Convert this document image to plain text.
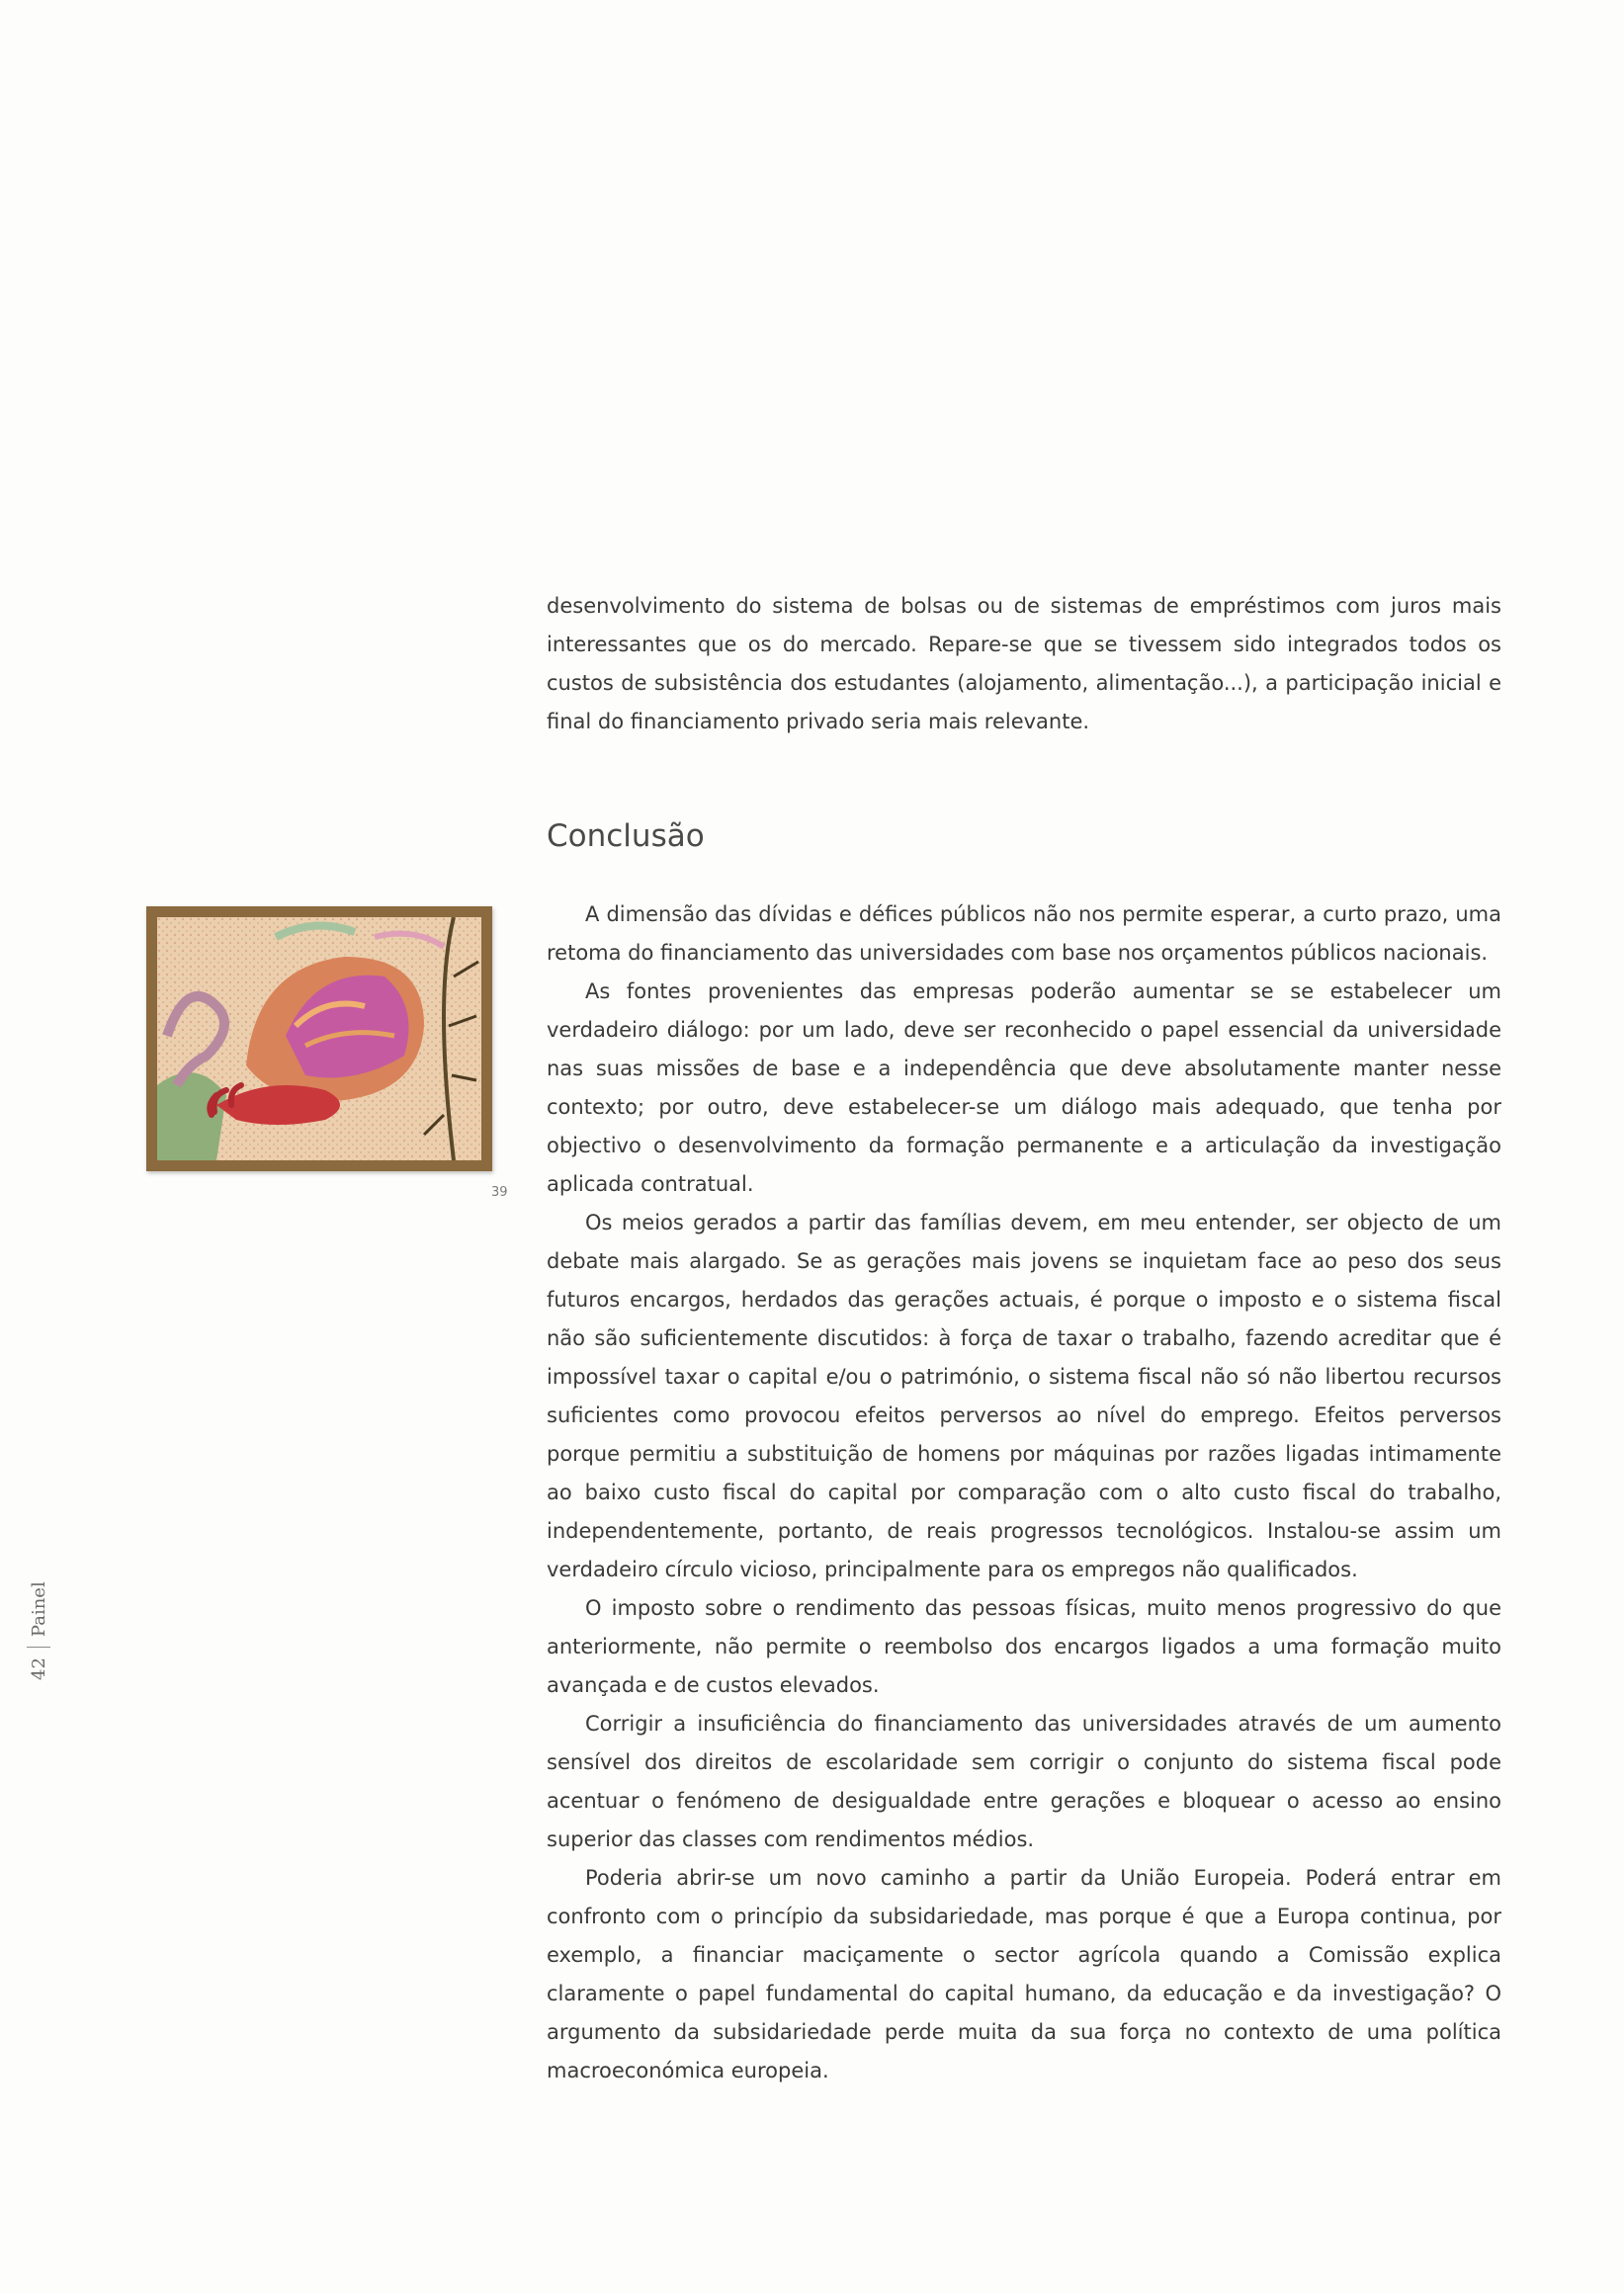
desenvolvimento do sistema de bolsas ou de sistemas de empréstimos com juros mais interessantes que os do mercado. Repare-se que se tivessem sido integrados todos os custos de subsistência dos estudantes (alojamento, alimentação...), a participação inicial e final do financiamento privado seria mais relevante.

Conclusão
39

A dimensão das dívidas e défices públicos não nos permite esperar, a curto prazo, uma retoma do financiamento das universidades com base nos orçamentos públicos nacionais.

As fontes provenientes das empresas poderão aumentar se se estabelecer um verdadeiro diálogo: por um lado, deve ser reconhecido o papel essencial da universidade nas suas missões de base e a independência que deve absolutamente manter nesse contexto; por outro, deve estabelecer-se um diálogo mais adequado, que tenha por objectivo o desenvolvimento da formação permanente e a articulação da investigação aplicada contratual.

Os meios gerados a partir das famílias devem, em meu entender, ser objecto de um debate mais alargado. Se as gerações mais jovens se inquietam face ao peso dos seus futuros encargos, herdados das gerações actuais, é porque o imposto e o sistema fiscal não são suficientemente discutidos: à força de taxar o trabalho, fazendo acreditar que é impossível taxar o capital e/ou o património, o sistema fiscal não só não libertou recursos suficientes como provocou efeitos perversos ao nível do emprego. Efeitos perversos porque permitiu a substituição de homens por máquinas por razões ligadas intimamente ao baixo custo fiscal do capital por comparação com o alto custo fiscal do trabalho, independentemente, portanto, de reais progressos tecnológicos. Instalou-se assim um verdadeiro círculo vicioso, principalmente para os empregos não qualificados.

O imposto sobre o rendimento das pessoas físicas, muito menos progressivo do que anteriormente, não permite o reembolso dos encargos ligados a uma formação muito avançada e de custos elevados.

Corrigir a insuficiência do financiamento das universidades através de um aumento sensível dos direitos de escolaridade sem corrigir o conjunto do sistema fiscal pode acentuar o fenómeno de desigualdade entre gerações e bloquear o acesso ao ensino superior das classes com rendimentos médios.

Poderia abrir-se um novo caminho a partir da União Europeia. Poderá entrar em confronto com o princípio da subsidariedade, mas porque é que a Europa continua, por exemplo, a financiar maciçamente o sector agrícola quando a Comissão explica claramente o papel fundamental do capital humano, da educação e da investigação? O argumento da subsidariedade perde muita da sua força no contexto de uma política macroeconómica europeia.

42
Painel
